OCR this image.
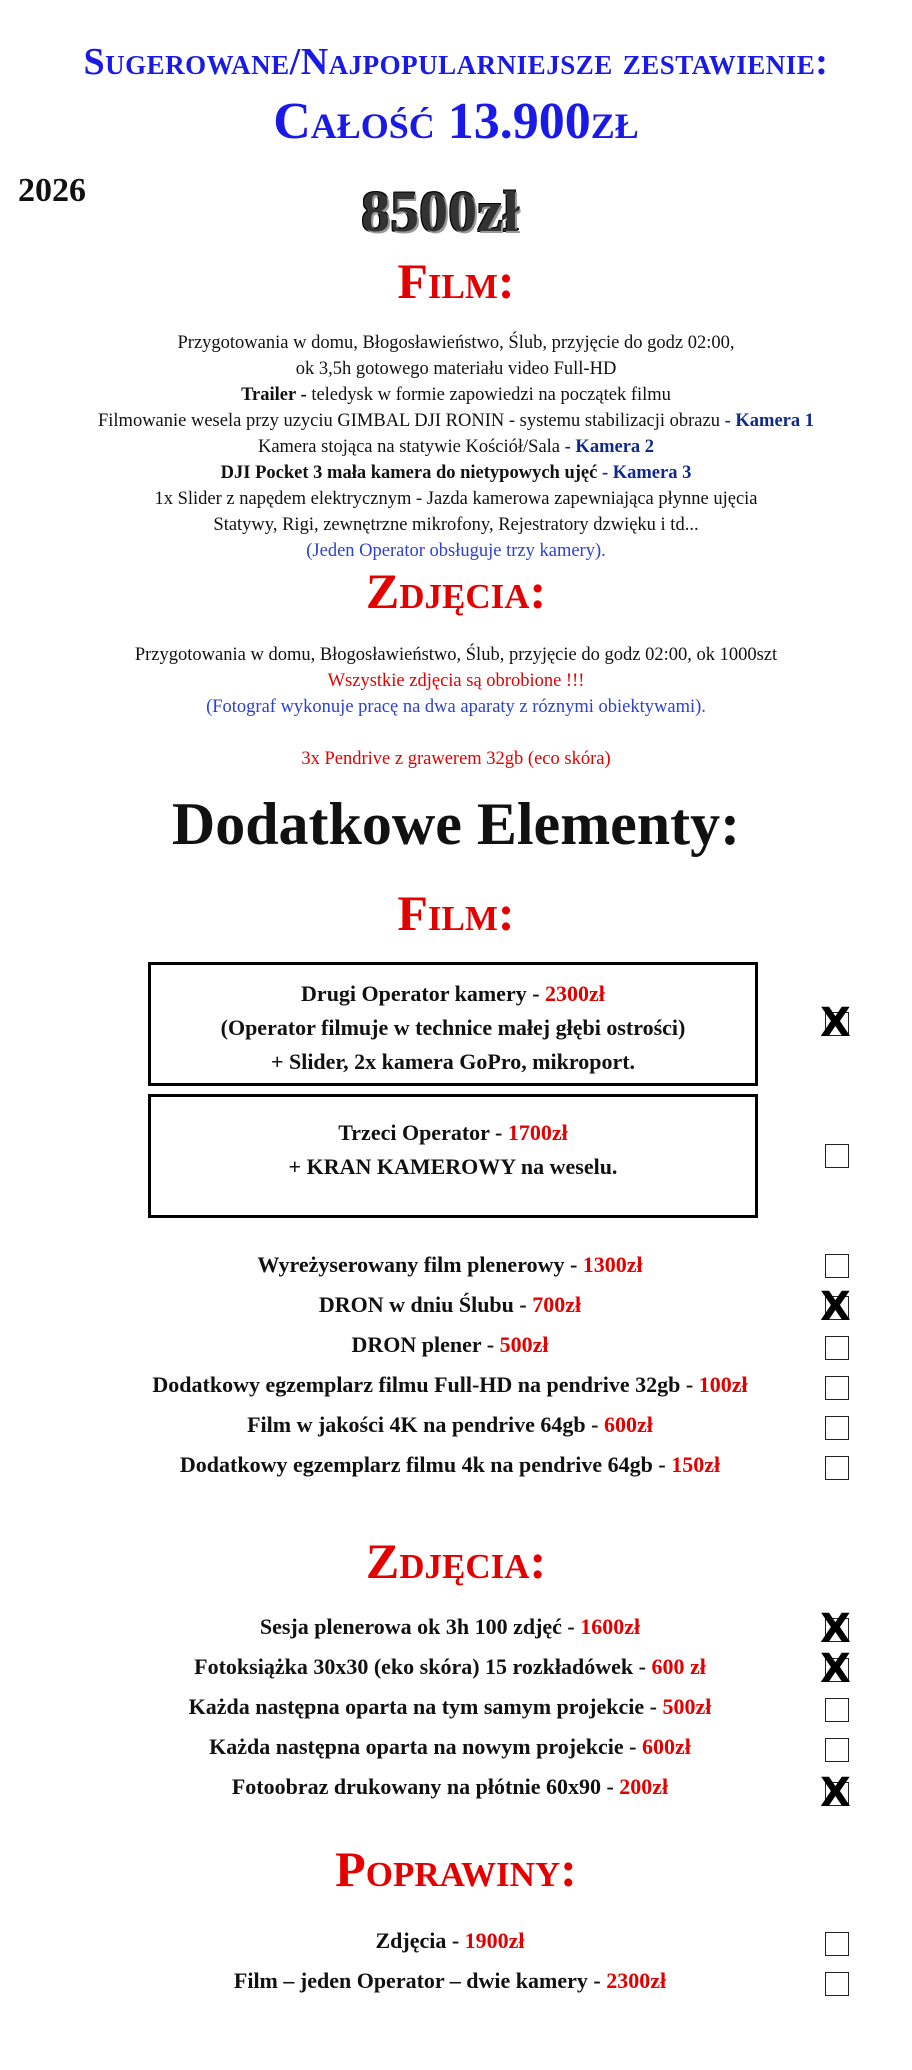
Sugerowane/Najpopularniejsze zestawienie:
Całość 13.900zł
2026	8500zł
Film:
Przygotowania w domu, Błogosławieństwo, Ślub, przyjęcie do godz 02:00,
ok 3,5h gotowego materiału video Full-HD
Trailer - teledysk w formie zapowiedzi na początek filmu
Filmowanie wesela przy uzyciu GIMBAL DJI RONIN - systemu stabilizacji obrazu - Kamera 1
Kamera stojąca na statywie Kościół/Sala - Kamera 2
DJI Pocket 3 mała kamera do nietypowych ujęć - Kamera 3
1x Slider z napędem elektrycznym - Jazda kamerowa zapewniająca płynne ujęcia
Statywy, Rigi, zewnętrzne mikrofony, Rejestratory dzwięku i td...
(Jeden Operator obsługuje trzy kamery).
Zdjęcia:
Przygotowania w domu, Błogosławieństwo, Ślub, przyjęcie do godz 02:00, ok 1000szt
Wszystkie zdjęcia są obrobione !!!
(Fotograf wykonuje pracę na dwa aparaty z róznymi obiektywami).
3x Pendrive z grawerem 32gb (eco skóra)
Dodatkowe Elementy:
Film:
Drugi Operator kamery - 2300zł
(Operator filmuje w technice małej głębi ostrości)
+ Slider, 2x kamera GoPro, mikroport.
X
Trzeci Operator - 1700zł
+ KRAN KAMEROWY na weselu.
Wyreżyserowany film plenerowy - 1300zł
DRON w dniu Ślubu - 700zł	X
DRON plener - 500zł
Dodatkowy egzemplarz filmu Full-HD na pendrive 32gb - 100zł
Film w jakości 4K na pendrive 64gb - 600zł
Dodatkowy egzemplarz filmu 4k na pendrive 64gb - 150zł
Zdjęcia:
Sesja plenerowa ok 3h 100 zdjęć - 1600zł	X
Fotoksiążka 30x30 (eko skóra) 15 rozkładówek - 600 zł	X
Każda następna oparta na tym samym projekcie - 500zł
Każda następna oparta na nowym projekcie - 600zł
Fotoobraz drukowany na płótnie 60x90 - 200zł	X
Poprawiny:
Zdjęcia - 1900zł
Film – jeden Operator – dwie kamery - 2300zł
